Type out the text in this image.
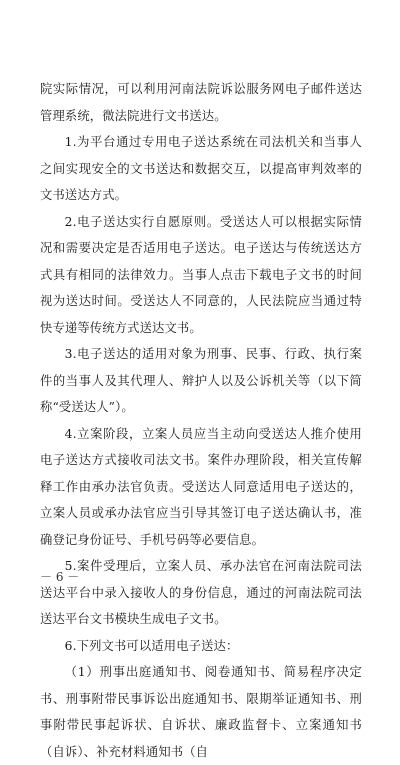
院实际情况，可以利用河南法院诉讼服务网电子邮件送达管理系统，微法院进行文书送达。

1.为平台通过专用电子送达系统在司法机关和当事人之间实现安全的文书送达和数据交互，以提高审判效率的文书送达方式。

2.电子送达实行自愿原则。受送达人可以根据实际情况和需要决定是否适用电子送达。电子送达与传统送达方式具有相同的法律效力。当事人点击下载电子文书的时间视为送达时间。受送达人不同意的，人民法院应当通过特快专递等传统方式送达文书。

3.电子送达的适用对象为刑事、民事、行政、执行案件的当事人及其代理人、辩护人以及公诉机关等（以下简称“受送达人”）。

4.立案阶段，立案人员应当主动向受送达人推介使用电子送达方式接收司法文书。案件办理阶段，相关宣传解释工作由承办法官负责。受送达人同意适用电子送达的，立案人员或承办法官应当引导其签订电子送达确认书，准确登记身份证号、手机号码等必要信息。

5.案件受理后，立案人员、承办法官在河南法院司法送达平台中录入接收人的身份信息，通过的河南法院司法送达平台文书模块生成电子文书。

6.下列文书可以适用电子送达：

（1）刑事出庭通知书、阅卷通知书、简易程序决定书、刑事附带民事诉讼出庭通知书、限期举证通知书、刑事附带民事起诉状、自诉状、廉政监督卡、立案通知书（自诉）、补充材料通知书（自

－ 6 －
